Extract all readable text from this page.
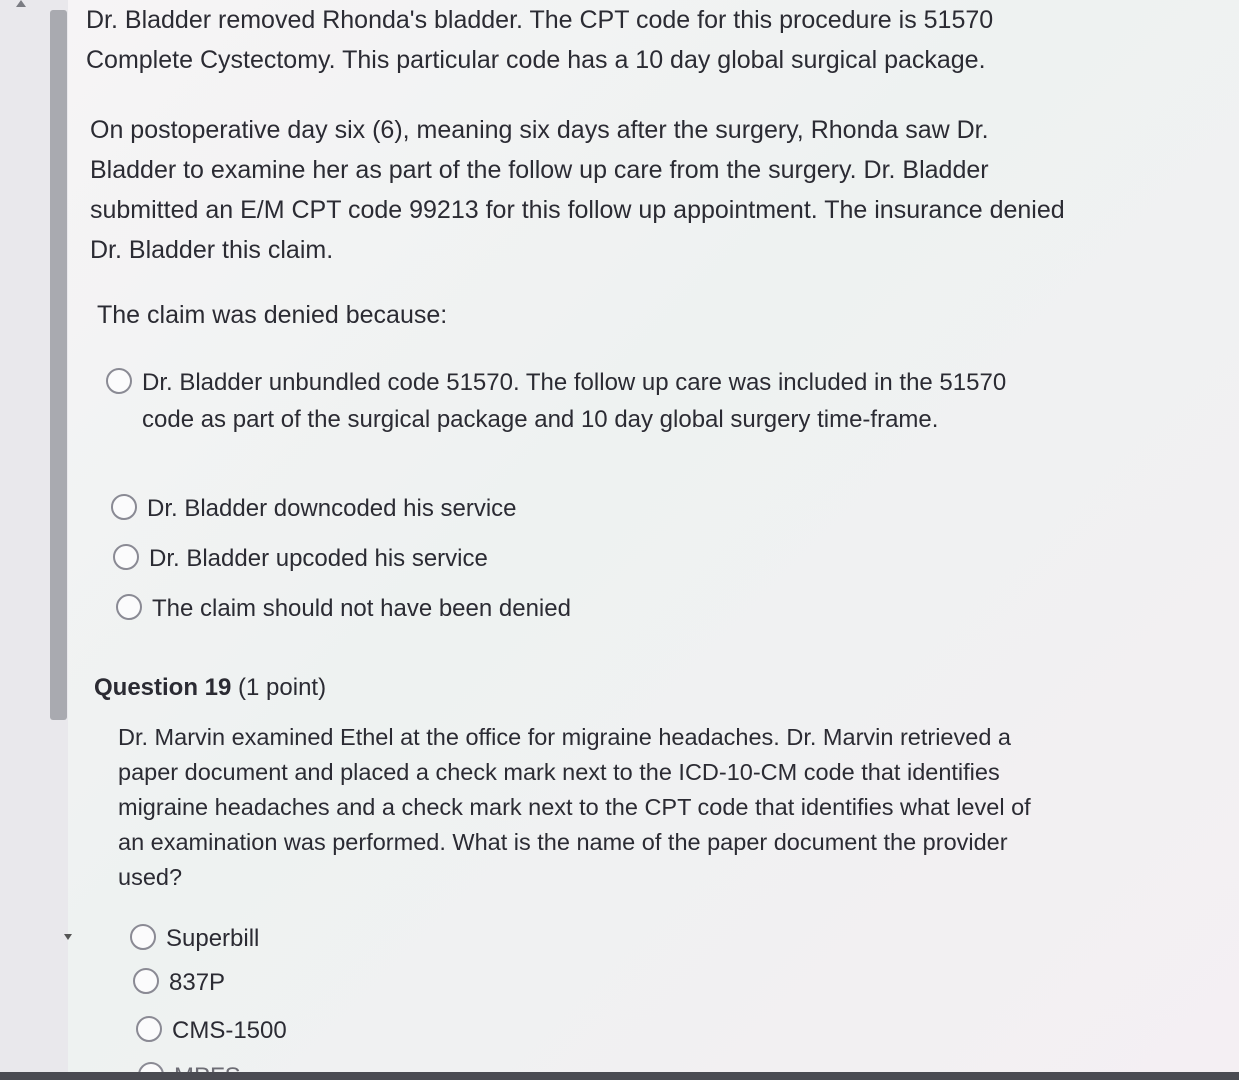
Dr. Bladder removed Rhonda's bladder. The CPT code for this procedure is 51570 Complete Cystectomy. This particular code has a 10 day global surgical package.

On postoperative day six (6), meaning six days after the surgery, Rhonda saw Dr. Bladder to examine her as part of the follow up care from the surgery. Dr. Bladder submitted an E/M CPT code 99213 for this follow up appointment. The insurance denied Dr. Bladder this claim.

The claim was denied because:

Dr. Bladder unbundled code 51570. The follow up care was included in the 51570 code as part of the surgical package and 10 day global surgery time-frame.
Dr. Bladder downcoded his service
Dr. Bladder upcoded his service
The claim should not have been denied
Question 19 (1 point)

Dr. Marvin examined Ethel at the office for migraine headaches. Dr. Marvin retrieved a paper document and placed a check mark next to the ICD-10-CM code that identifies migraine headaches and a check mark next to the CPT code that identifies what level of an examination was performed. What is the name of the paper document the provider used?

Superbill
837P
CMS-1500
